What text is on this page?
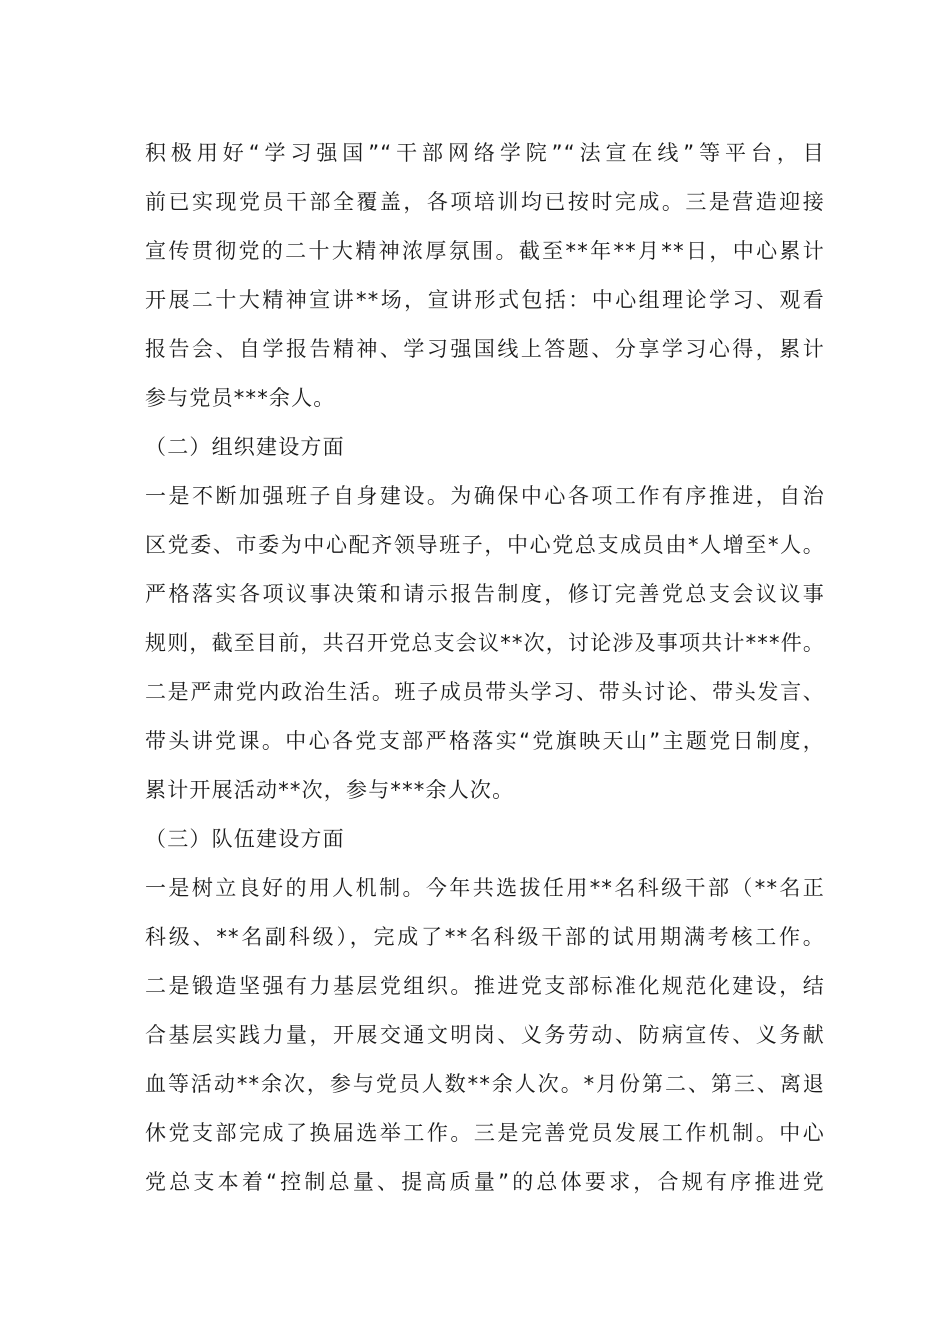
积极用好“学习强国”“干部网络学院”“法宣在线”等平台，目
前已实现党员干部全覆盖，各项培训均已按时完成。三是营造迎接
宣传贯彻党的二十大精神浓厚氛围。截至**年**月**日，中心累计
开展二十大精神宣讲**场，宣讲形式包括：中心组理论学习、观看
报告会、自学报告精神、学习强国线上答题、分享学习心得，累计
参与党员***余人。
（二）组织建设方面
一是不断加强班子自身建设。为确保中心各项工作有序推进，自治
区党委、市委为中心配齐领导班子，中心党总支成员由*人增至*人。
严格落实各项议事决策和请示报告制度，修订完善党总支会议议事
规则，截至目前，共召开党总支会议**次，讨论涉及事项共计***件。
二是严肃党内政治生活。班子成员带头学习、带头讨论、带头发言、
带头讲党课。中心各党支部严格落实“党旗映天山”主题党日制度，
累计开展活动**次，参与***余人次。
（三）队伍建设方面
一是树立良好的用人机制。今年共选拔任用**名科级干部（**名正
科级、**名副科级），完成了**名科级干部的试用期满考核工作。
二是锻造坚强有力基层党组织。推进党支部标准化规范化建设，结
合基层实践力量，开展交通文明岗、义务劳动、防病宣传、义务献
血等活动**余次，参与党员人数**余人次。*月份第二、第三、离退
休党支部完成了换届选举工作。三是完善党员发展工作机制。中心
党总支本着“控制总量、提高质量”的总体要求，合规有序推进党
